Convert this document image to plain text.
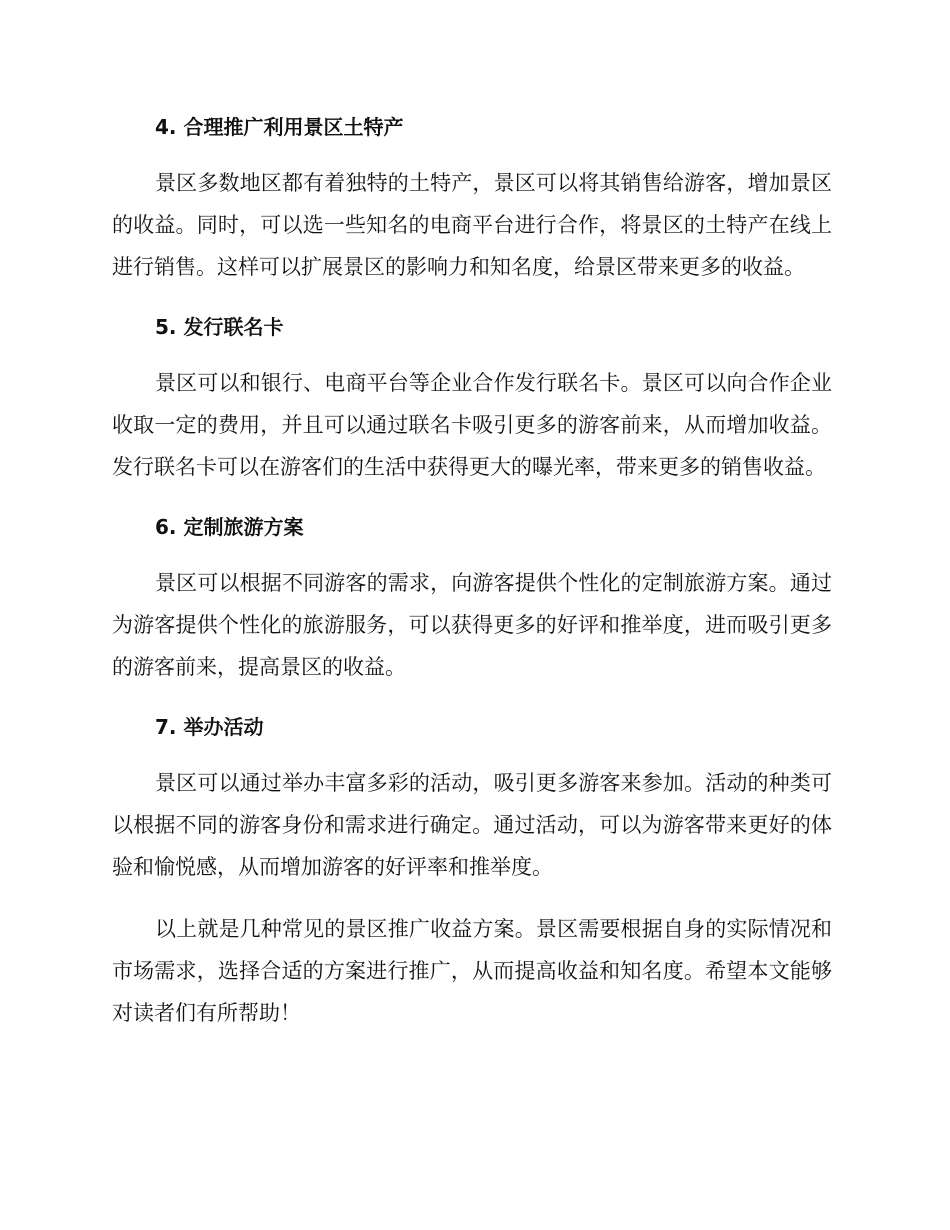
4. 合理推广利用景区土特产

景区多数地区都有着独特的土特产，景区可以将其销售给游客，增加景区的收益。同时，可以选一些知名的电商平台进行合作，将景区的土特产在线上进行销售。这样可以扩展景区的影响力和知名度，给景区带来更多的收益。

5. 发行联名卡

景区可以和银行、电商平台等企业合作发行联名卡。景区可以向合作企业收取一定的费用，并且可以通过联名卡吸引更多的游客前来，从而增加收益。发行联名卡可以在游客们的生活中获得更大的曝光率，带来更多的销售收益。

6. 定制旅游方案

景区可以根据不同游客的需求，向游客提供个性化的定制旅游方案。通过为游客提供个性化的旅游服务，可以获得更多的好评和推举度，进而吸引更多的游客前来，提高景区的收益。

7. 举办活动

景区可以通过举办丰富多彩的活动，吸引更多游客来参加。活动的种类可以根据不同的游客身份和需求进行确定。通过活动，可以为游客带来更好的体验和愉悦感，从而增加游客的好评率和推举度。

以上就是几种常见的景区推广收益方案。景区需要根据自身的实际情况和市场需求，选择合适的方案进行推广，从而提高收益和知名度。希望本文能够对读者们有所帮助！
